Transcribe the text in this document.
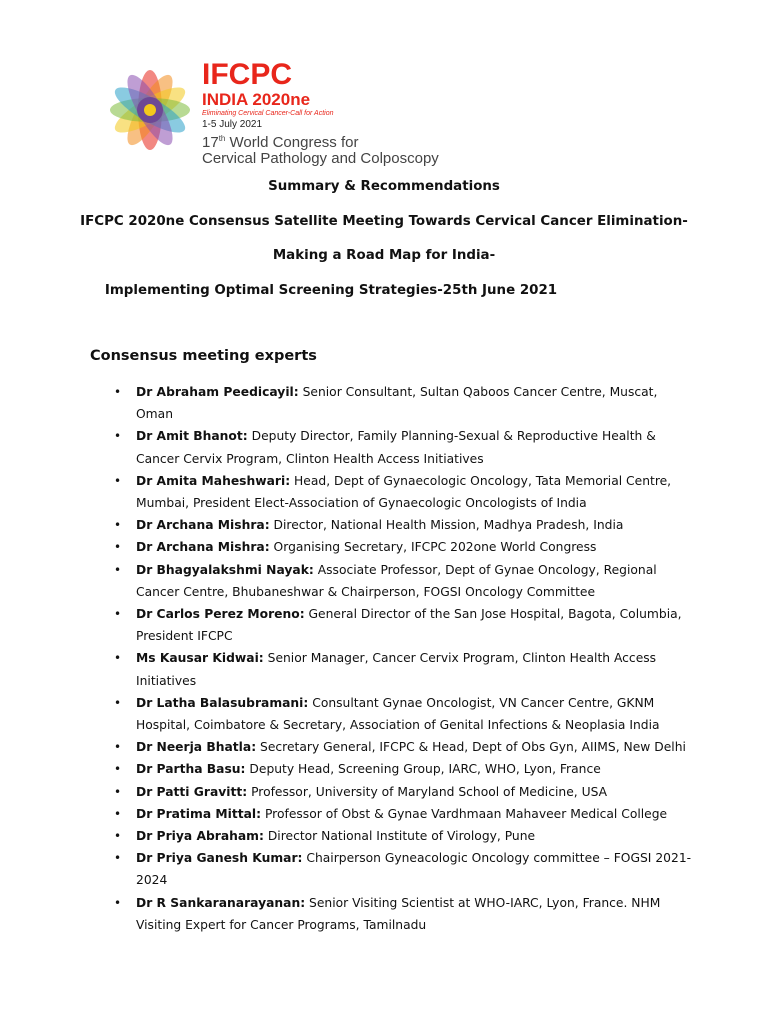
IFCPC
INDIA 2020ne
Eliminating Cervical Cancer-Call for Action
1-5 July 2021
17th World Congress for
Cervical Pathology and Colposcopy
Summary & Recommendations
IFCPC 2020ne Consensus Satellite Meeting Towards Cervical Cancer Elimination-
Making a Road Map for India-
Implementing Optimal Screening Strategies-25th June 2021
Consensus meeting experts
• Dr Abraham Peedicayil: Senior Consultant, Sultan Qaboos Cancer Centre, Muscat, Oman
• Dr Amit Bhanot: Deputy Director, Family Planning-Sexual & Reproductive Health &
Cancer Cervix Program, Clinton Health Access Initiatives
• Dr Amita Maheshwari: Head, Dept of Gynaecologic Oncology, Tata Memorial Centre,
Mumbai, President Elect-Association of Gynaecologic Oncologists of India
• Dr Archana Mishra: Director, National Health Mission, Madhya Pradesh, India
• Dr Archana Mishra: Organising Secretary, IFCPC 202one World Congress
• Dr Bhagyalakshmi Nayak: Associate Professor, Dept of Gynae Oncology, Regional
Cancer Centre, Bhubaneshwar & Chairperson, FOGSI Oncology Committee
• Dr Carlos Perez Moreno: General Director of the San Jose Hospital, Bagota, Columbia,
President IFCPC
• Ms Kausar Kidwai: Senior Manager, Cancer Cervix Program, Clinton Health Access
Initiatives
• Dr Latha Balasubramani: Consultant Gynae Oncologist, VN Cancer Centre, GKNM
Hospital, Coimbatore & Secretary, Association of Genital Infections & Neoplasia India
• Dr Neerja Bhatla: Secretary General, IFCPC & Head, Dept of Obs Gyn, AIIMS, New Delhi
• Dr Partha Basu: Deputy Head, Screening Group, IARC, WHO, Lyon, France
• Dr Patti Gravitt: Professor, University of Maryland School of Medicine, USA
• Dr Pratima Mittal: Professor of Obst & Gynae Vardhmaan Mahaveer Medical College
• Dr Priya Abraham: Director National Institute of Virology, Pune
• Dr Priya Ganesh Kumar: Chairperson Gyneacologic Oncology committee – FOGSI 2021-
2024
• Dr R Sankaranarayanan: Senior Visiting Scientist at WHO-IARC, Lyon, France. NHM
Visiting Expert for Cancer Programs, Tamilnadu
